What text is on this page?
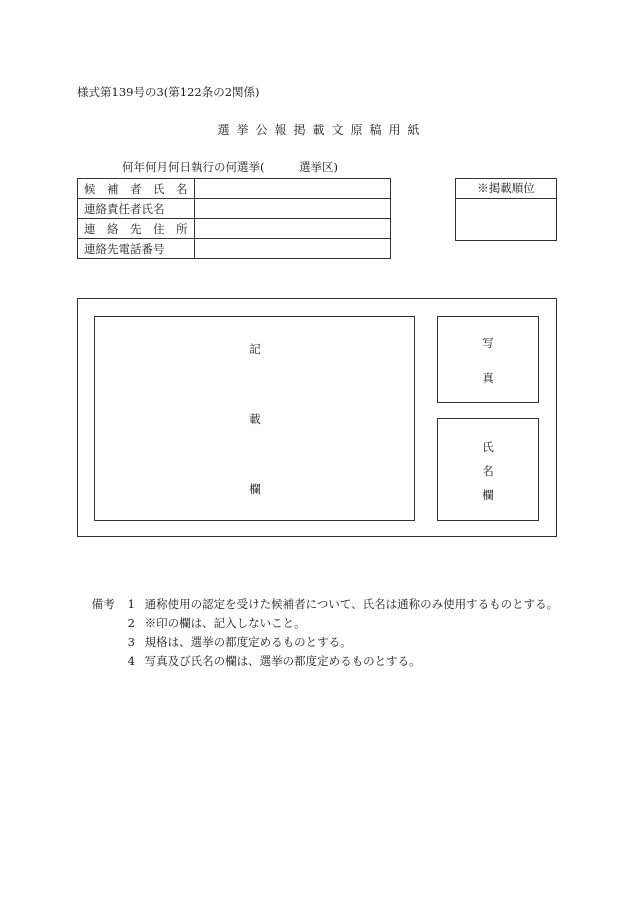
様式第139号の3(第122条の2関係)
選挙公報掲載文原稿用紙
何年何月何日執行の何選挙(　　　選挙区)
候　補　者　氏　名	
連絡責任者氏名	
連　絡　先　住　所	
連絡先電話番号	
※掲載順位
記
載
欄
写
真
氏
名
欄

備考 1 通称使用の認定を受けた候補者について、氏名は通称のみ使用するものとする。

2 ※印の欄は、記入しないこと。

3 規格は、選挙の都度定めるものとする。

4 写真及び氏名の欄は、選挙の都度定めるものとする。
